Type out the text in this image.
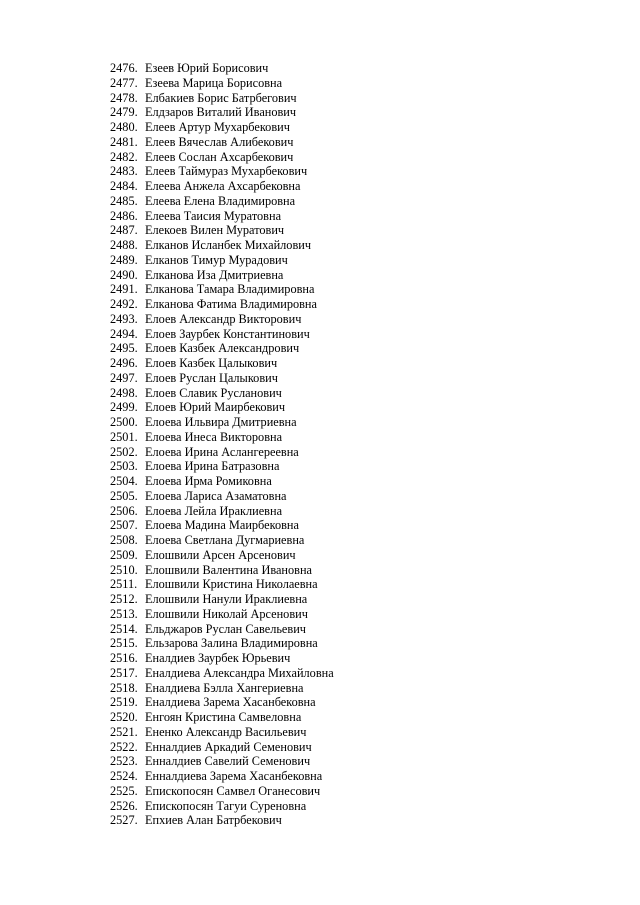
2476. Езеев Юрий Борисович
2477. Езеева Марица Борисовна
2478. Елбакиев Борис Батрбегович
2479. Елдзаров Виталий Иванович
2480. Елеев Артур Мухарбекович
2481. Елеев Вячеслав Алибекович
2482. Елеев Сослан Ахсарбекович
2483. Елеев Таймураз Мухарбекович
2484. Елеева Анжела Ахсарбековна
2485. Елеева Елена Владимировна
2486. Елеева Таисия Муратовна
2487. Елекоев Вилен Муратович
2488. Елканов Исланбек Михайлович
2489. Елканов Тимур Мурадович
2490. Елканова Иза Дмитриевна
2491. Елканова Тамара Владимировна
2492. Елканова Фатима Владимировна
2493. Елоев Александр Викторович
2494. Елоев Заурбек Константинович
2495. Елоев Казбек Александрович
2496. Елоев Казбек Цалыкович
2497. Елоев Руслан Цалыкович
2498. Елоев Славик Русланович
2499. Елоев Юрий Маирбекович
2500. Елоева Ильвира Дмитриевна
2501. Елоева Инеса Викторовна
2502. Елоева Ирина Аслангереевна
2503. Елоева Ирина Батразовна
2504. Елоева Ирма Ромиковна
2505. Елоева Лариса Азаматовна
2506. Елоева Лейла Ираклиевна
2507. Елоева Мадина Маирбековна
2508. Елоева Светлана Дугмариевна
2509. Елошвили Арсен Арсенович
2510. Елошвили Валентина Ивановна
2511. Елошвили Кристина Николаевна
2512. Елошвили Нанули Ираклиевна
2513. Елошвили Николай Арсенович
2514. Ельджаров Руслан Савельевич
2515. Ельзарова Залина Владимировна
2516. Еналдиев Заурбек Юрьевич
2517. Еналдиева Александра Михайловна
2518. Еналдиева Бэлла Хангериевна
2519. Еналдиева Зарема Хасанбековна
2520. Енгоян Кристина Самвеловна
2521. Ененко Александр Васильевич
2522. Енналдиев Аркадий Семенович
2523. Енналдиев Савелий Семенович
2524. Енналдиева Зарема Хасанбековна
2525. Епископосян Самвел Оганесович
2526. Епископосян Тагуи Суреновна
2527. Епхиев Алан Батрбекович
